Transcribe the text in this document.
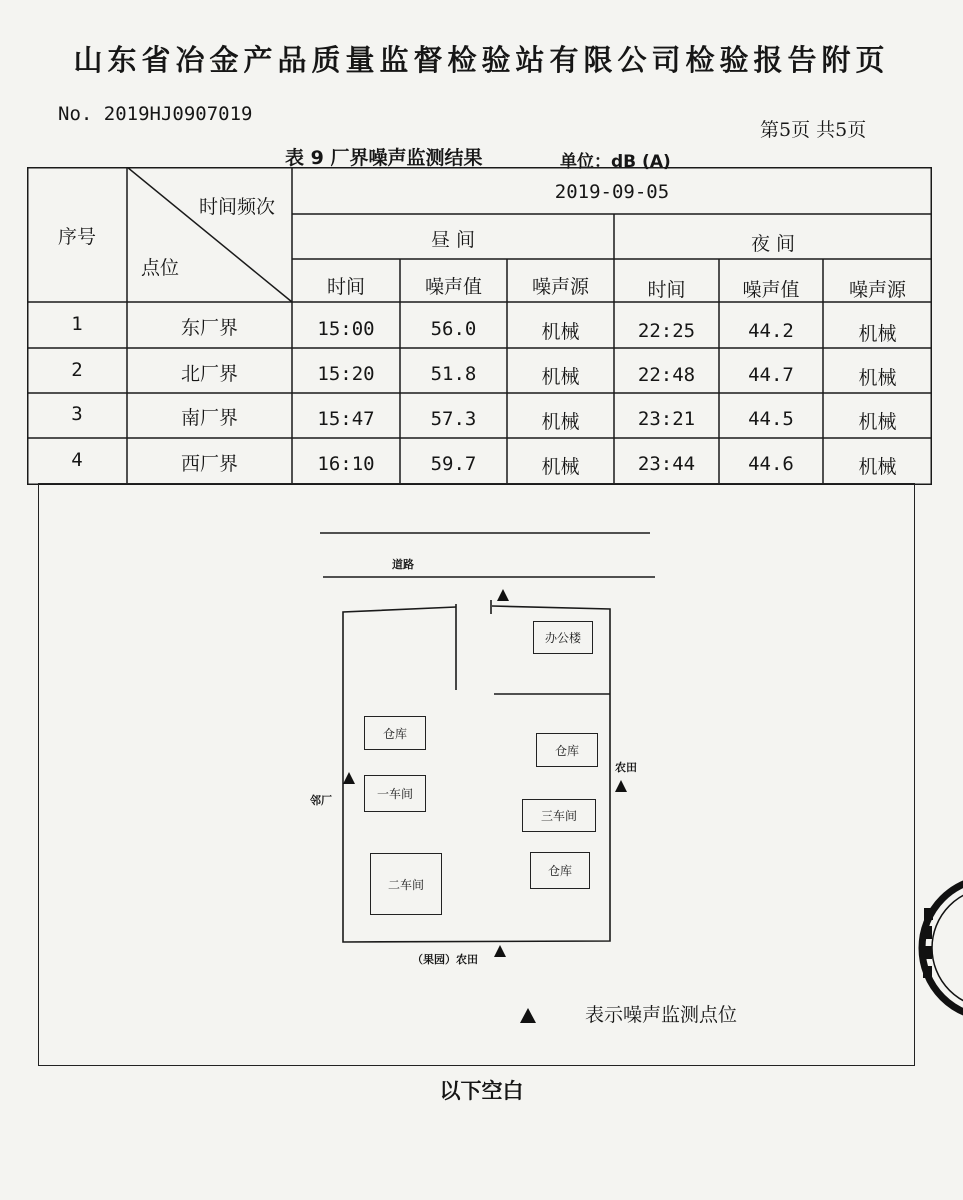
山东省冶金产品质量监督检验站有限公司检验报告附页
No. 2019HJ0907019
第5页 共5页
表 9 厂界噪声监测结果	单位：dB (A)
序号
时间频次
点位
2019-09-05
昼 间	夜 间
时间	噪声值	噪声源	时间	噪声值	噪声源
1	东厂界	15:00	56.0	机械	22:25	44.2	机械
2	北厂界	15:20	51.8	机械	22:48	44.7	机械
3	南厂界	15:47	57.3	机械	23:21	44.5	机械
4	西厂界	16:10	59.7	机械	23:44	44.6	机械
道路
办公楼
仓库
仓库
一车间
三车间
二车间
仓库
邻厂
农田
（果园）农田
表示噪声监测点位
以下空白
